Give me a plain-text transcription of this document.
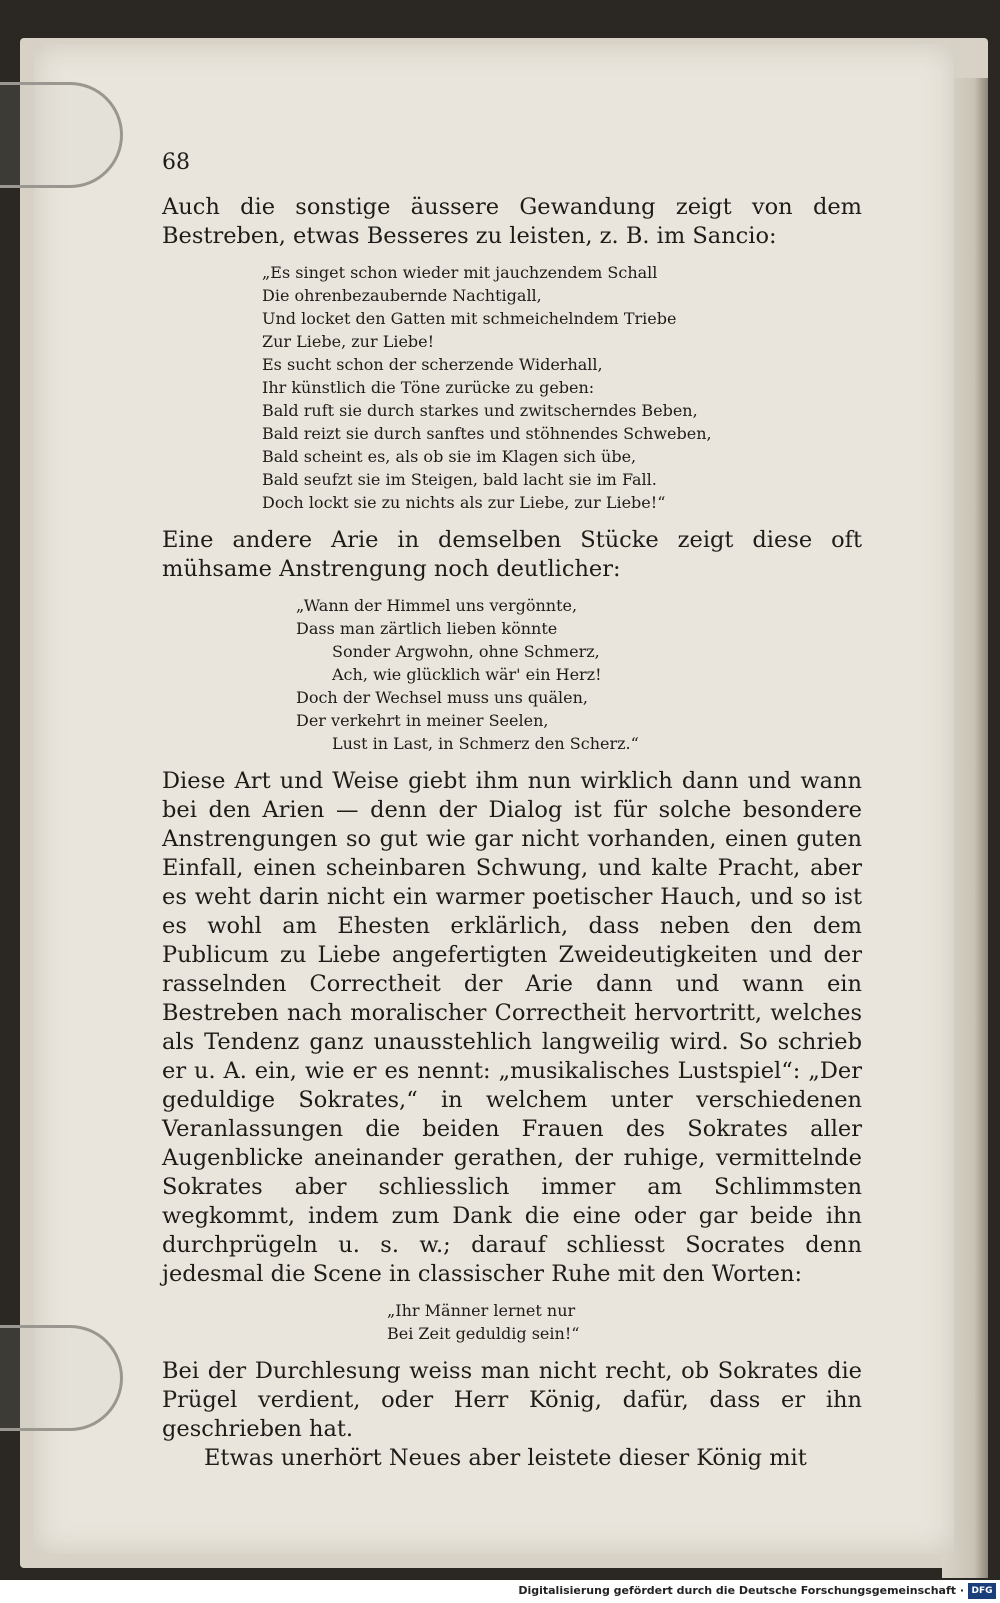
68

Auch die sonstige äussere Gewandung zeigt von dem Bestreben, etwas Besseres zu leisten, z. B. im Sancio:

„Es singet schon wieder mit jauchzendem Schall
Die ohrenbezaubernde Nachtigall,
Und locket den Gatten mit schmeichelndem Triebe
Zur Liebe, zur Liebe!
Es sucht schon der scherzende Widerhall,
Ihr künstlich die Töne zurücke zu geben:
Bald ruft sie durch starkes und zwitscherndes Beben,
Bald reizt sie durch sanftes und stöhnendes Schweben,
Bald scheint es, als ob sie im Klagen sich übe,
Bald seufzt sie im Steigen, bald lacht sie im Fall.
Doch lockt sie zu nichts als zur Liebe, zur Liebe!“

Eine andere Arie in demselben Stücke zeigt diese oft mühsame Anstrengung noch deutlicher:

„Wann der Himmel uns vergönnte,
Dass man zärtlich lieben könnte
Sonder Argwohn, ohne Schmerz,
Ach, wie glücklich wär' ein Herz!
Doch der Wechsel muss uns quälen,
Der verkehrt in meiner Seelen,
Lust in Last, in Schmerz den Scherz.“

Diese Art und Weise giebt ihm nun wirklich dann und wann bei den Arien — denn der Dialog ist für solche besondere Anstrengungen so gut wie gar nicht vorhanden, einen guten Einfall, einen scheinbaren Schwung, und kalte Pracht, aber es weht darin nicht ein warmer poetischer Hauch, und so ist es wohl am Ehesten erklärlich, dass neben den dem Publicum zu Liebe angefertigten Zweideutigkeiten und der rasselnden Correctheit der Arie dann und wann ein Bestreben nach moralischer Correctheit hervortritt, welches als Tendenz ganz unausstehlich langweilig wird. So schrieb er u. A. ein, wie er es nennt: „musikalisches Lustspiel“: „Der geduldige Sokrates,“ in welchem unter verschiedenen Veranlassungen die beiden Frauen des Sokrates aller Augenblicke aneinander gerathen, der ruhige, vermittelnde Sokrates aber schliesslich immer am Schlimmsten wegkommt, indem zum Dank die eine oder gar beide ihn durchprügeln u. s. w.; darauf schliesst Socrates denn jedesmal die Scene in classischer Ruhe mit den Worten:

„Ihr Männer lernet nur
Bei Zeit geduldig sein!“

Bei der Durchlesung weiss man nicht recht, ob Sokrates die Prügel verdient, oder Herr König, dafür, dass er ihn geschrieben hat.

Etwas unerhört Neues aber leistete dieser König mit

Digitalisierung gefördert durch die Deutsche Forschungsgemeinschaft · DFG
